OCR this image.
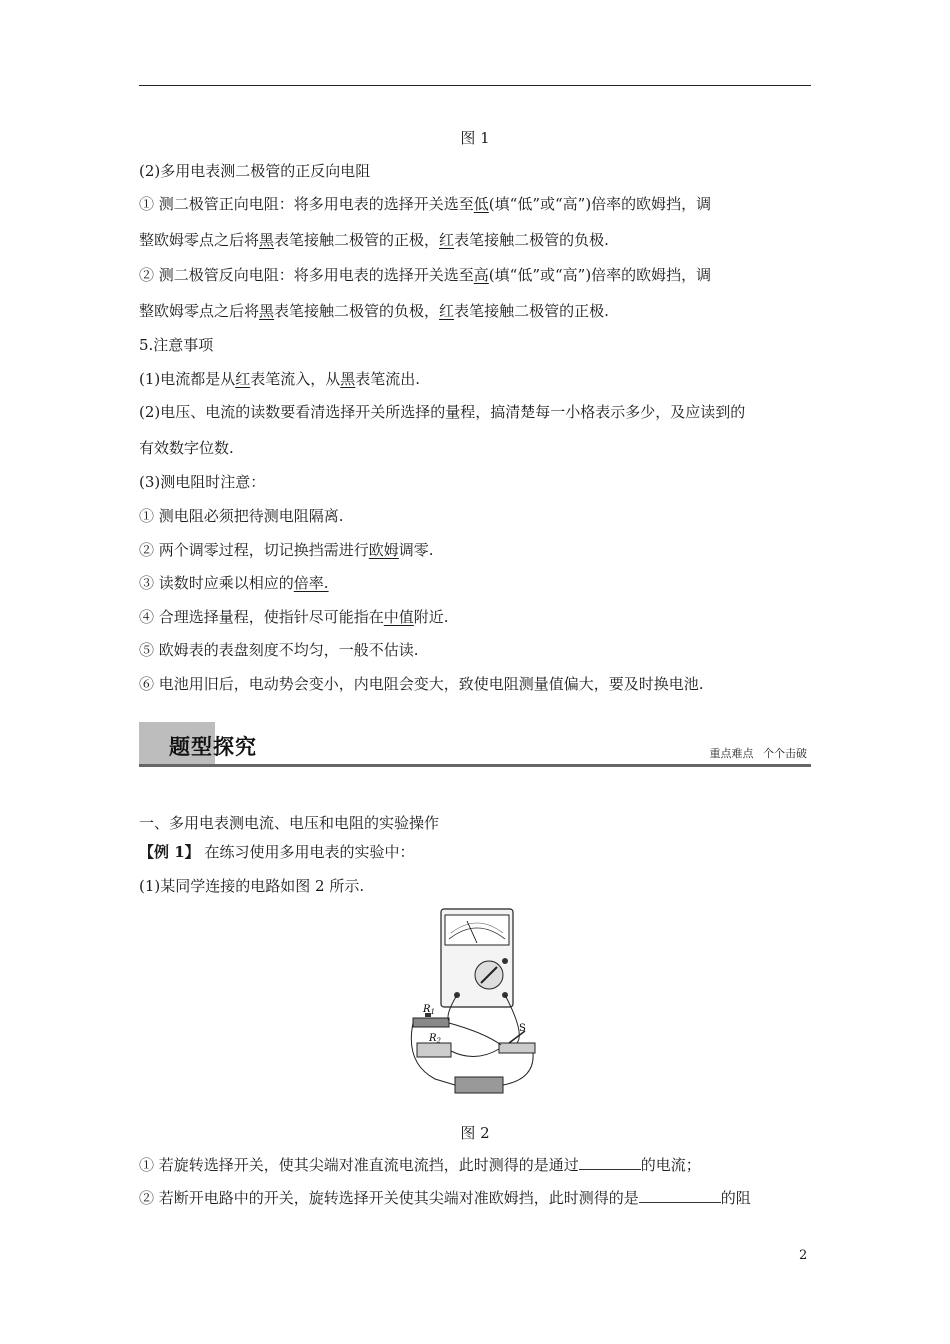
图 1
(2)多用电表测二极管的正反向电阻
① 测二极管正向电阻：将多用电表的选择开关选至低(填“低”或“高”)倍率的欧姆挡，调
整欧姆零点之后将黑表笔接触二极管的正极，红表笔接触二极管的负极.
② 测二极管反向电阻：将多用电表的选择开关选至高(填“低”或“高”)倍率的欧姆挡，调
整欧姆零点之后将黑表笔接触二极管的负极，红表笔接触二极管的正极.
5.注意事项
(1)电流都是从红表笔流入，从黑表笔流出.
(2)电压、电流的读数要看清选择开关所选择的量程，搞清楚每一小格表示多少，及应读到的
有效数字位数.
(3)测电阻时注意：
① 测电阻必须把待测电阻隔离.
② 两个调零过程，切记换挡需进行欧姆调零.
③ 读数时应乘以相应的倍率.
④ 合理选择量程，使指针尽可能指在中值附近.
⑤ 欧姆表的表盘刻度不均匀，一般不估读.
⑥ 电池用旧后，电动势会变小，内电阻会变大，致使电阻测量值偏大，要及时换电池.
题型探究	重点难点 个个击破
一、多用电表测电流、电压和电阻的实验操作
【例 1】 在练习使用多用电表的实验中：
(1)某同学连接的电路如图 2 所示.
$R_1$
$R_2$
S
图 2
① 若旋转选择开关，使其尖端对准直流电流挡，此时测得的是通过	的电流；
② 若断开电路中的开关，旋转选择开关使其尖端对准欧姆挡，此时测得的是	的阻
2
